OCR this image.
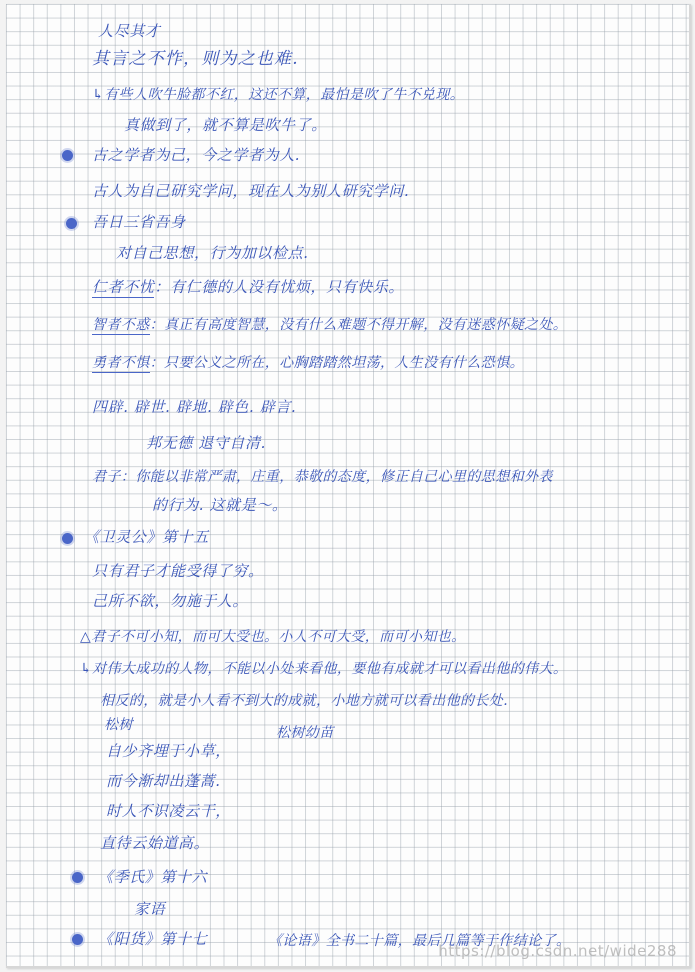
人尽其才
其言之不怍，则为之也难.
↳有些人吹牛脸都不红，这还不算，最怕是吹了牛不兑现。
真做到了，就不算是吹牛了。
古之学者为己，今之学者为人.
古人为自己研究学问，现在人为别人研究学问.
吾日三省吾身
对自己思想，行为加以检点.
仁者不忧：有仁德的人没有忧烦，只有快乐。
智者不惑：真正有高度智慧，没有什么难题不得开解，没有迷惑怀疑之处。
勇者不惧：只要公义之所在，心胸踏踏然坦荡，人生没有什么恐惧。
四辟. 辟世. 辟地. 辟色. 辟言.
邦无德 退守自清.
君子：你能以非常严肃，庄重，恭敬的态度，修正自己心里的思想和外表
的行为. 这就是～。
《卫灵公》第十五
只有君子才能受得了穷。
己所不欲，勿施于人。
△君子不可小知，而可大受也。小人不可大受，而可小知也。
↳对伟大成功的人物，不能以小处来看他，要他有成就才可以看出他的伟大。
相反的，就是小人看不到大的成就，小地方就可以看出他的长处.
松树	松树幼苗
自少齐埋于小草，
而今渐却出蓬蒿.
时人不识凌云干，
直待云始道高。
《季氏》第十六
家语
《阳货》第十七	《论语》全书二十篇，最后几篇等于作结论了。
https://blog.csdn.net/wide288
